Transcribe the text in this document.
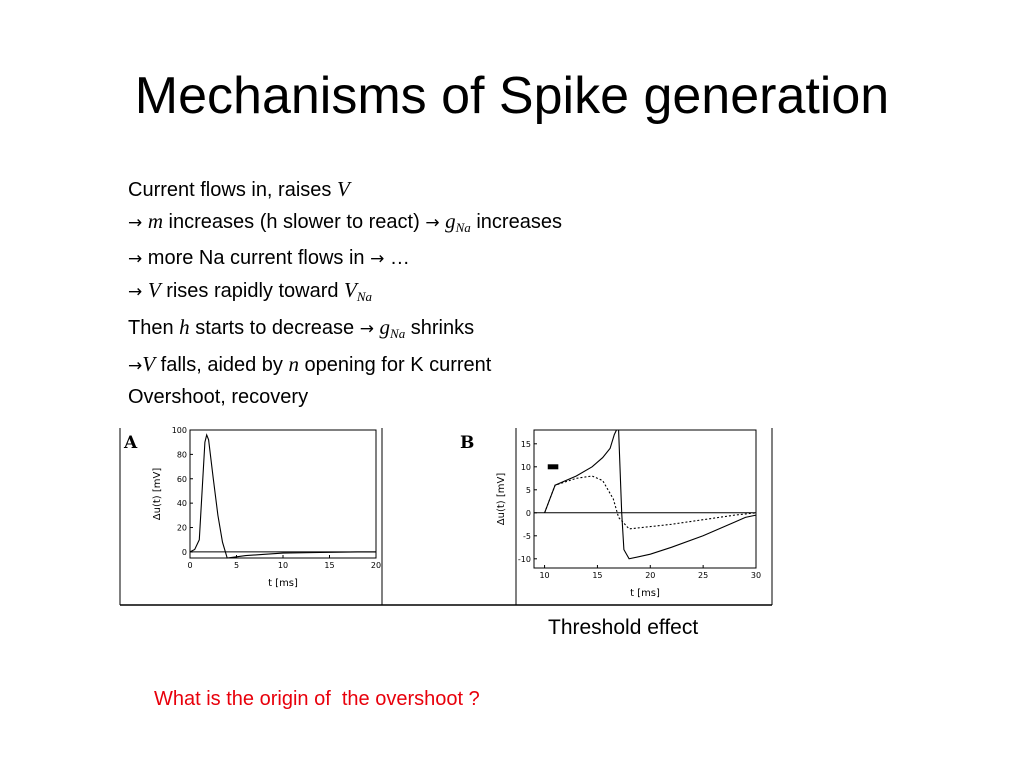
Mechanisms of Spike generation
Current flows in, raises V
→ m increases (h slower to react) → $g_{Na}$ increases
→ more Na current flows in → …
→ V rises rapidly toward $V_{Na}$
Then h starts to decrease → $g_{Na}$ shrinks
→V falls, aided by n opening for K current
Overshoot, recovery
A
0	5	10	15	20
0
20
40
60
80
100
t [ms]
Δu(t) [mV]
B
10	15	20	25	30
-10
-5
0
5
10
15
t [ms]
Δu(t) [mV]
Threshold effect
What is the origin of  the overshoot ?
